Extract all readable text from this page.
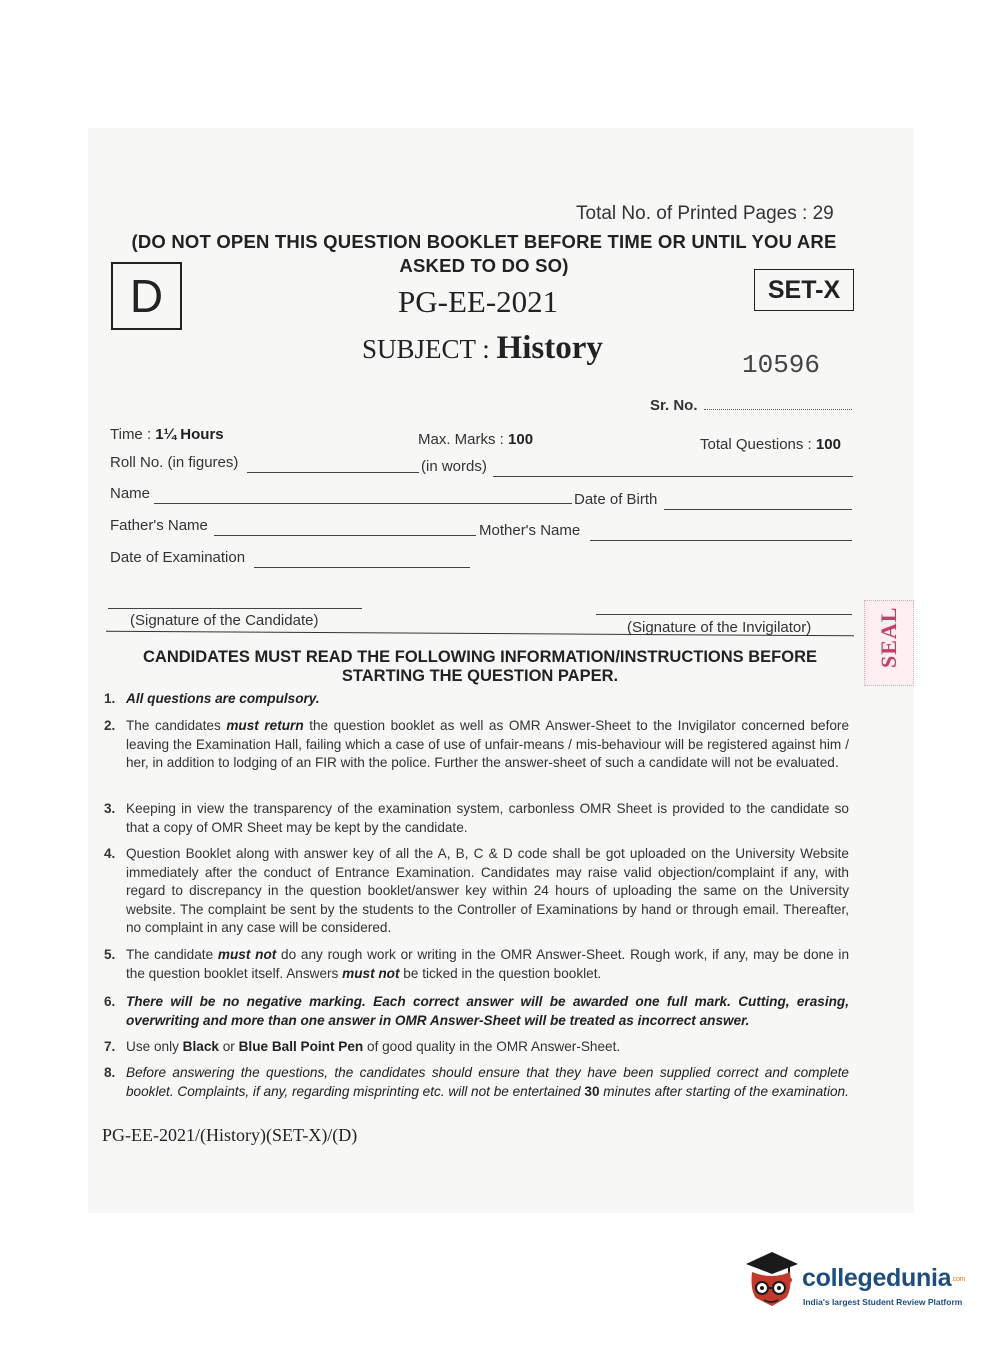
Total No. of Printed Pages : 29
(DO NOT OPEN THIS QUESTION BOOKLET BEFORE TIME OR UNTIL YOU ARE ASKED TO DO SO)
D	SET-X
PG-EE-2021
SUBJECT : History	10596
Sr. No.
Time : 1¼ Hours	Max. Marks : 100	Total Questions : 100
Roll No. (in figures)	(in words)
Name	Date of Birth
Father's Name	Mother's Name
Date of Examination
(Signature of the Candidate)	(Signature of the Invigilator)	SEAL
CANDIDATES MUST READ THE FOLLOWING INFORMATION/INSTRUCTIONS BEFORE STARTING THE QUESTION PAPER.
1. All questions are compulsory.
2. The candidates must return the question booklet as well as OMR Answer-Sheet to the Invigilator concerned before leaving the Examination Hall, failing which a case of use of unfair-means / mis-behaviour will be registered against him / her, in addition to lodging of an FIR with the police. Further the answer-sheet of such a candidate will not be evaluated.
3. Keeping in view the transparency of the examination system, carbonless OMR Sheet is provided to the candidate so that a copy of OMR Sheet may be kept by the candidate.
4. Question Booklet along with answer key of all the A, B, C & D code shall be got uploaded on the University Website immediately after the conduct of Entrance Examination. Candidates may raise valid objection/complaint if any, with regard to discrepancy in the question booklet/answer key within 24 hours of uploading the same on the University website. The complaint be sent by the students to the Controller of Examinations by hand or through email. Thereafter, no complaint in any case will be considered.
5. The candidate must not do any rough work or writing in the OMR Answer-Sheet. Rough work, if any, may be done in the question booklet itself. Answers must not be ticked in the question booklet.
6. There will be no negative marking. Each correct answer will be awarded one full mark. Cutting, erasing, overwriting and more than one answer in OMR Answer-Sheet will be treated as incorrect answer.
7. Use only Black or Blue Ball Point Pen of good quality in the OMR Answer-Sheet.
8. Before answering the questions, the candidates should ensure that they have been supplied correct and complete booklet. Complaints, if any, regarding misprinting etc. will not be entertained 30 minutes after starting of the examination.
PG-EE-2021/(History)(SET-X)/(D)
collegedunia.com
India's largest Student Review Platform
